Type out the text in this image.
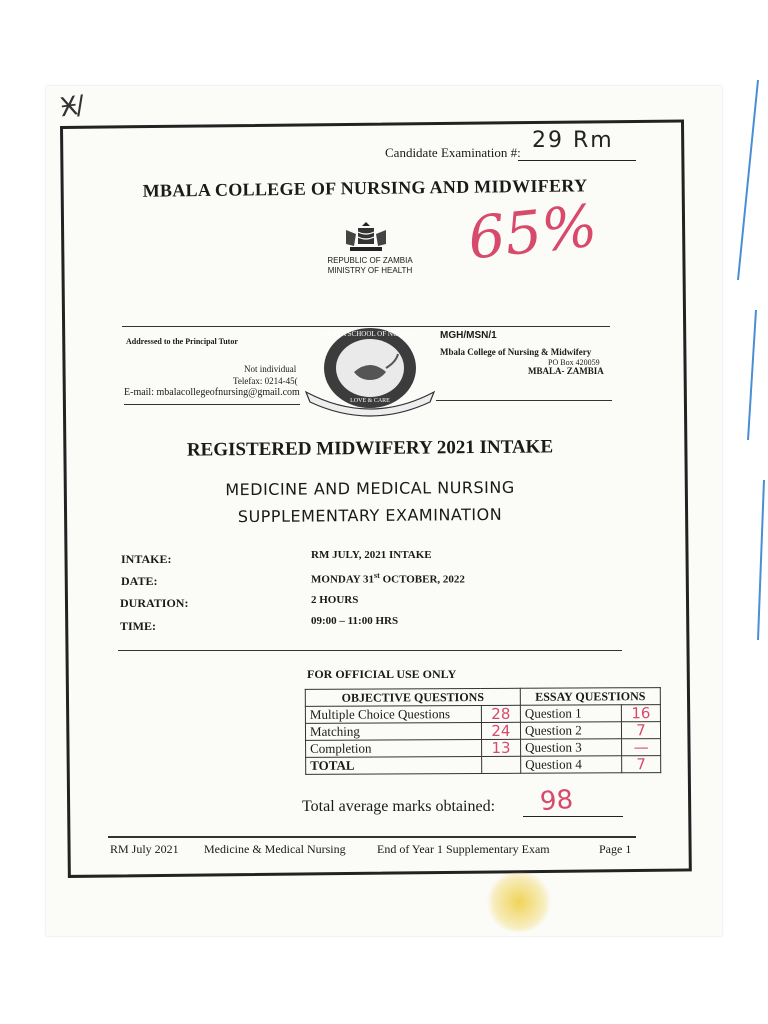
Ӿ/
Candidate Examination #: 29 Rm
MBALA COLLEGE OF NURSING AND MIDWIFERY
REPUBLIC OF ZAMBIA
MINISTRY OF HEALTH 65%
Addressed to the Principal Tutor
Not individual
Telefax: 0214-45(
E-mail: mbalacollegeofnursing@gmail.com
MBALA SCHOOL OF NURSING
LOVE & CARE
MGH/MSN/1
Mbala College of Nursing & Midwifery
PO Box 420059
MBALA- ZAMBIA
REGISTERED MIDWIFERY 2021 INTAKE
MEDICINE AND MEDICAL NURSING
SUPPLEMENTARY EXAMINATION
INTAKE:	RM JULY, 2021 INTAKE
DATE:	MONDAY 31st OCTOBER, 2022
DURATION:	2 HOURS
TIME:	09:00 – 11:00 HRS
FOR OFFICIAL USE ONLY
OBJECTIVE QUESTIONS		ESSAY QUESTIONS	
Multiple Choice Questions	28	Question 1	16
Matching	24	Question 2	7
Completion	13	Question 3	—
TOTAL		Question 4	7
Total average marks obtained: 98
RM July 2021 Medicine & Medical Nursing	End of Year 1 Supplementary Exam	Page 1
